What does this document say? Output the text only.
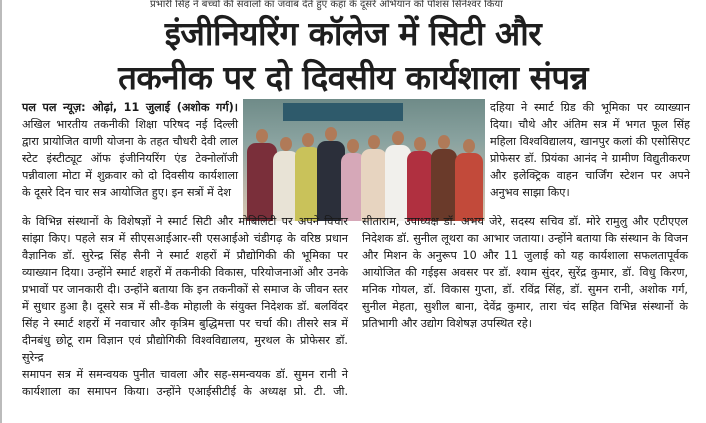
प्रभारी सिंह ने बच्चों की सवालों का जवाब देते हुए कहा के दूसरे अभियान को पौशंस सिनेश्वर किया
इंजीनियरिंग कॉलेज में सिटी और
तकनीक पर दो दिवसीय कार्यशाला संपन्न

पल पल न्यूज़: ओढ़ां, 11 जुलाई (अशोक गर्ग)। अखिल भारतीय तकनीकी शिक्षा परिषद नई दिल्ली द्वारा प्रायोजित वाणी योजना के तहत चौधरी देवी लाल स्टेट इंस्टीट्यूट ऑफ इंजीनियरिंग एंड टेक्नोलॉजी पन्नीवाला मोटा में शुक्रवार को दो दिवसीय कार्यशाला के दूसरे दिन चार सत्र आयोजित हुए। इन सत्रों में देश

दहिया ने स्मार्ट ग्रिड की भूमिका पर व्याख्यान दिया। चौथे और अंतिम सत्र में भगत फूल सिंह महिला विश्वविद्यालय, खानपुर कलां की एसोसिएट प्रोफेसर डॉ. प्रियंका आनंद ने ग्रामीण विद्युतीकरण और इलेक्ट्रिक वाहन चार्जिंग स्टेशन पर अपने अनुभव साझा किए।

के विभिन्न संस्थानों के विशेषज्ञों ने स्मार्ट सिटी और मोबिलिटी पर अपने विचार सांझा किए। पहले सत्र में सीएसआईआर-सी एसआईओ चंडीगढ़ के वरिष्ठ प्रधान वैज्ञानिक डॉ. सुरेन्द्र सिंह सैनी ने स्मार्ट शहरों में प्रौद्योगिकी की भूमिका पर व्याख्यान दिया। उन्होंने स्मार्ट शहरों में तकनीकी विकास, परियोजनाओं और उनके प्रभावों पर जानकारी दी। उन्होंने बताया कि इन तकनीकों से समाज के जीवन स्तर में सुधार हुआ है। दूसरे सत्र में सी-डैक मोहाली के संयुक्त निदेशक डॉ. बलविंदर सिंह ने स्मार्ट शहरों में नवाचार और कृत्रिम बुद्धिमत्ता पर चर्चा की। तीसरे सत्र में दीनबंधु छोटू राम विज्ञान एवं प्रौद्योगिकी विश्वविद्यालय, मुरथल के प्रोफेसर डॉ. सुरेन्द्र

समापन सत्र में समन्वयक पुनीत चावला और सह-समन्वयक डॉ. सुमन रानी ने कार्यशाला का समापन किया। उन्होंने एआईसीटीई के अध्यक्ष प्रो. टी. जी. सीताराम, उपाध्यक्ष डॉ. अभय जेरे, सदस्य सचिव डॉ. मोरे रामुलु और एटीएएल निदेशक डॉ. सुनील लूथरा का आभार जताया। उन्होंने बताया कि संस्थान के विजन और मिशन के अनुरूप 10 और 11 जुलाई को यह कार्यशाला सफलतापूर्वक आयोजित की गईइस अवसर पर डॉ. श्याम सुंदर, सुरेंद्र कुमार, डॉ. विधु किरण, मनिक गोयल, डॉ. विकास गुप्ता, डॉ. रविंद्र सिंह, डॉ. सुमन रानी, अशोक गर्ग, सुनील मेहता, सुशील बाना, देवेंद्र कुमार, तारा चंद सहित विभिन्न संस्थानों के प्रतिभागी और उद्योग विशेषज्ञ उपस्थित रहे।
